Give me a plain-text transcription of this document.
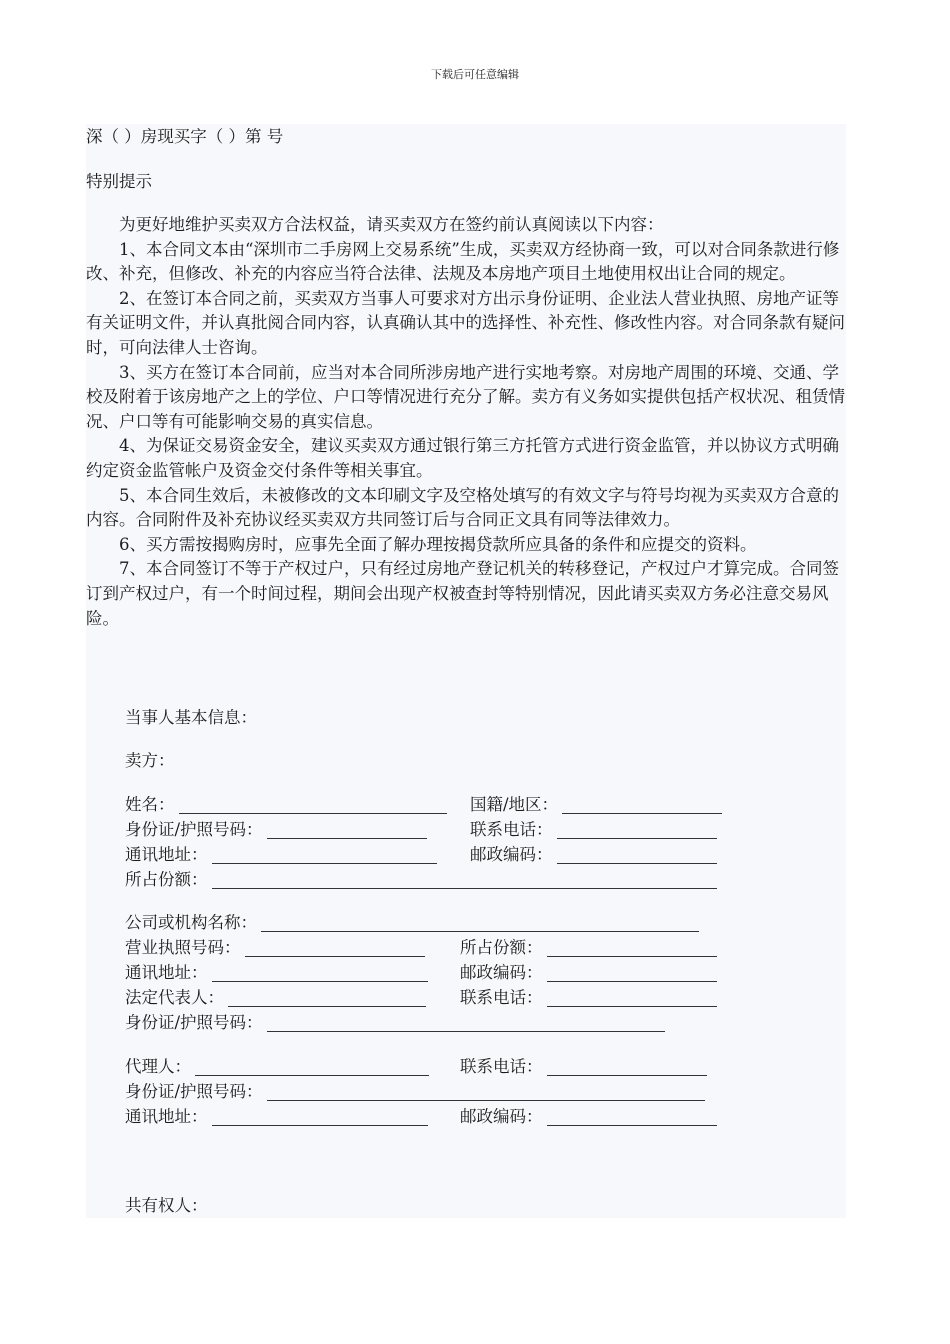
下载后可任意编辑
深（ ）房现买字（ ）第 号
特别提示

为更好地维护买卖双方合法权益，请买卖双方在签约前认真阅读以下内容：

1、本合同文本由“深圳市二手房网上交易系统”生成，买卖双方经协商一致，可以对合同条款进行修改、补充，但修改、补充的内容应当符合法律、法规及本房地产项目土地使用权出让合同的规定。

2、在签订本合同之前，买卖双方当事人可要求对方出示身份证明、企业法人营业执照、房地产证等有关证明文件，并认真批阅合同内容，认真确认其中的选择性、补充性、修改性内容。对合同条款有疑问时，可向法律人士咨询。

3、买方在签订本合同前，应当对本合同所涉房地产进行实地考察。对房地产周围的环境、交通、学校及附着于该房地产之上的学位、户口等情况进行充分了解。卖方有义务如实提供包括产权状况、租赁情况、户口等有可能影响交易的真实信息。

4、为保证交易资金安全，建议买卖双方通过银行第三方托管方式进行资金监管，并以协议方式明确约定资金监管帐户及资金交付条件等相关事宜。

5、本合同生效后，未被修改的文本印刷文字及空格处填写的有效文字与符号均视为买卖双方合意的内容。合同附件及补充协议经买卖双方共同签订后与合同正文具有同等法律效力。

6、买方需按揭购房时，应事先全面了解办理按揭贷款所应具备的条件和应提交的资料。

7、本合同签订不等于产权过户，只有经过房地产登记机关的转移登记，产权过户才算完成。合同签订到产权过户，有一个时间过程，期间会出现产权被查封等特别情况，因此请买卖双方务必注意交易风险。

当事人基本信息：
卖方：
姓名：	国籍/地区：
身份证/护照号码：	联系电话：
通讯地址：	邮政编码：
所占份额：
公司或机构名称：
营业执照号码：	所占份额：
通讯地址：	邮政编码：
法定代表人：	联系电话：
身份证/护照号码：
代理人：	联系电话：
身份证/护照号码：
通讯地址：	邮政编码：
共有权人：
